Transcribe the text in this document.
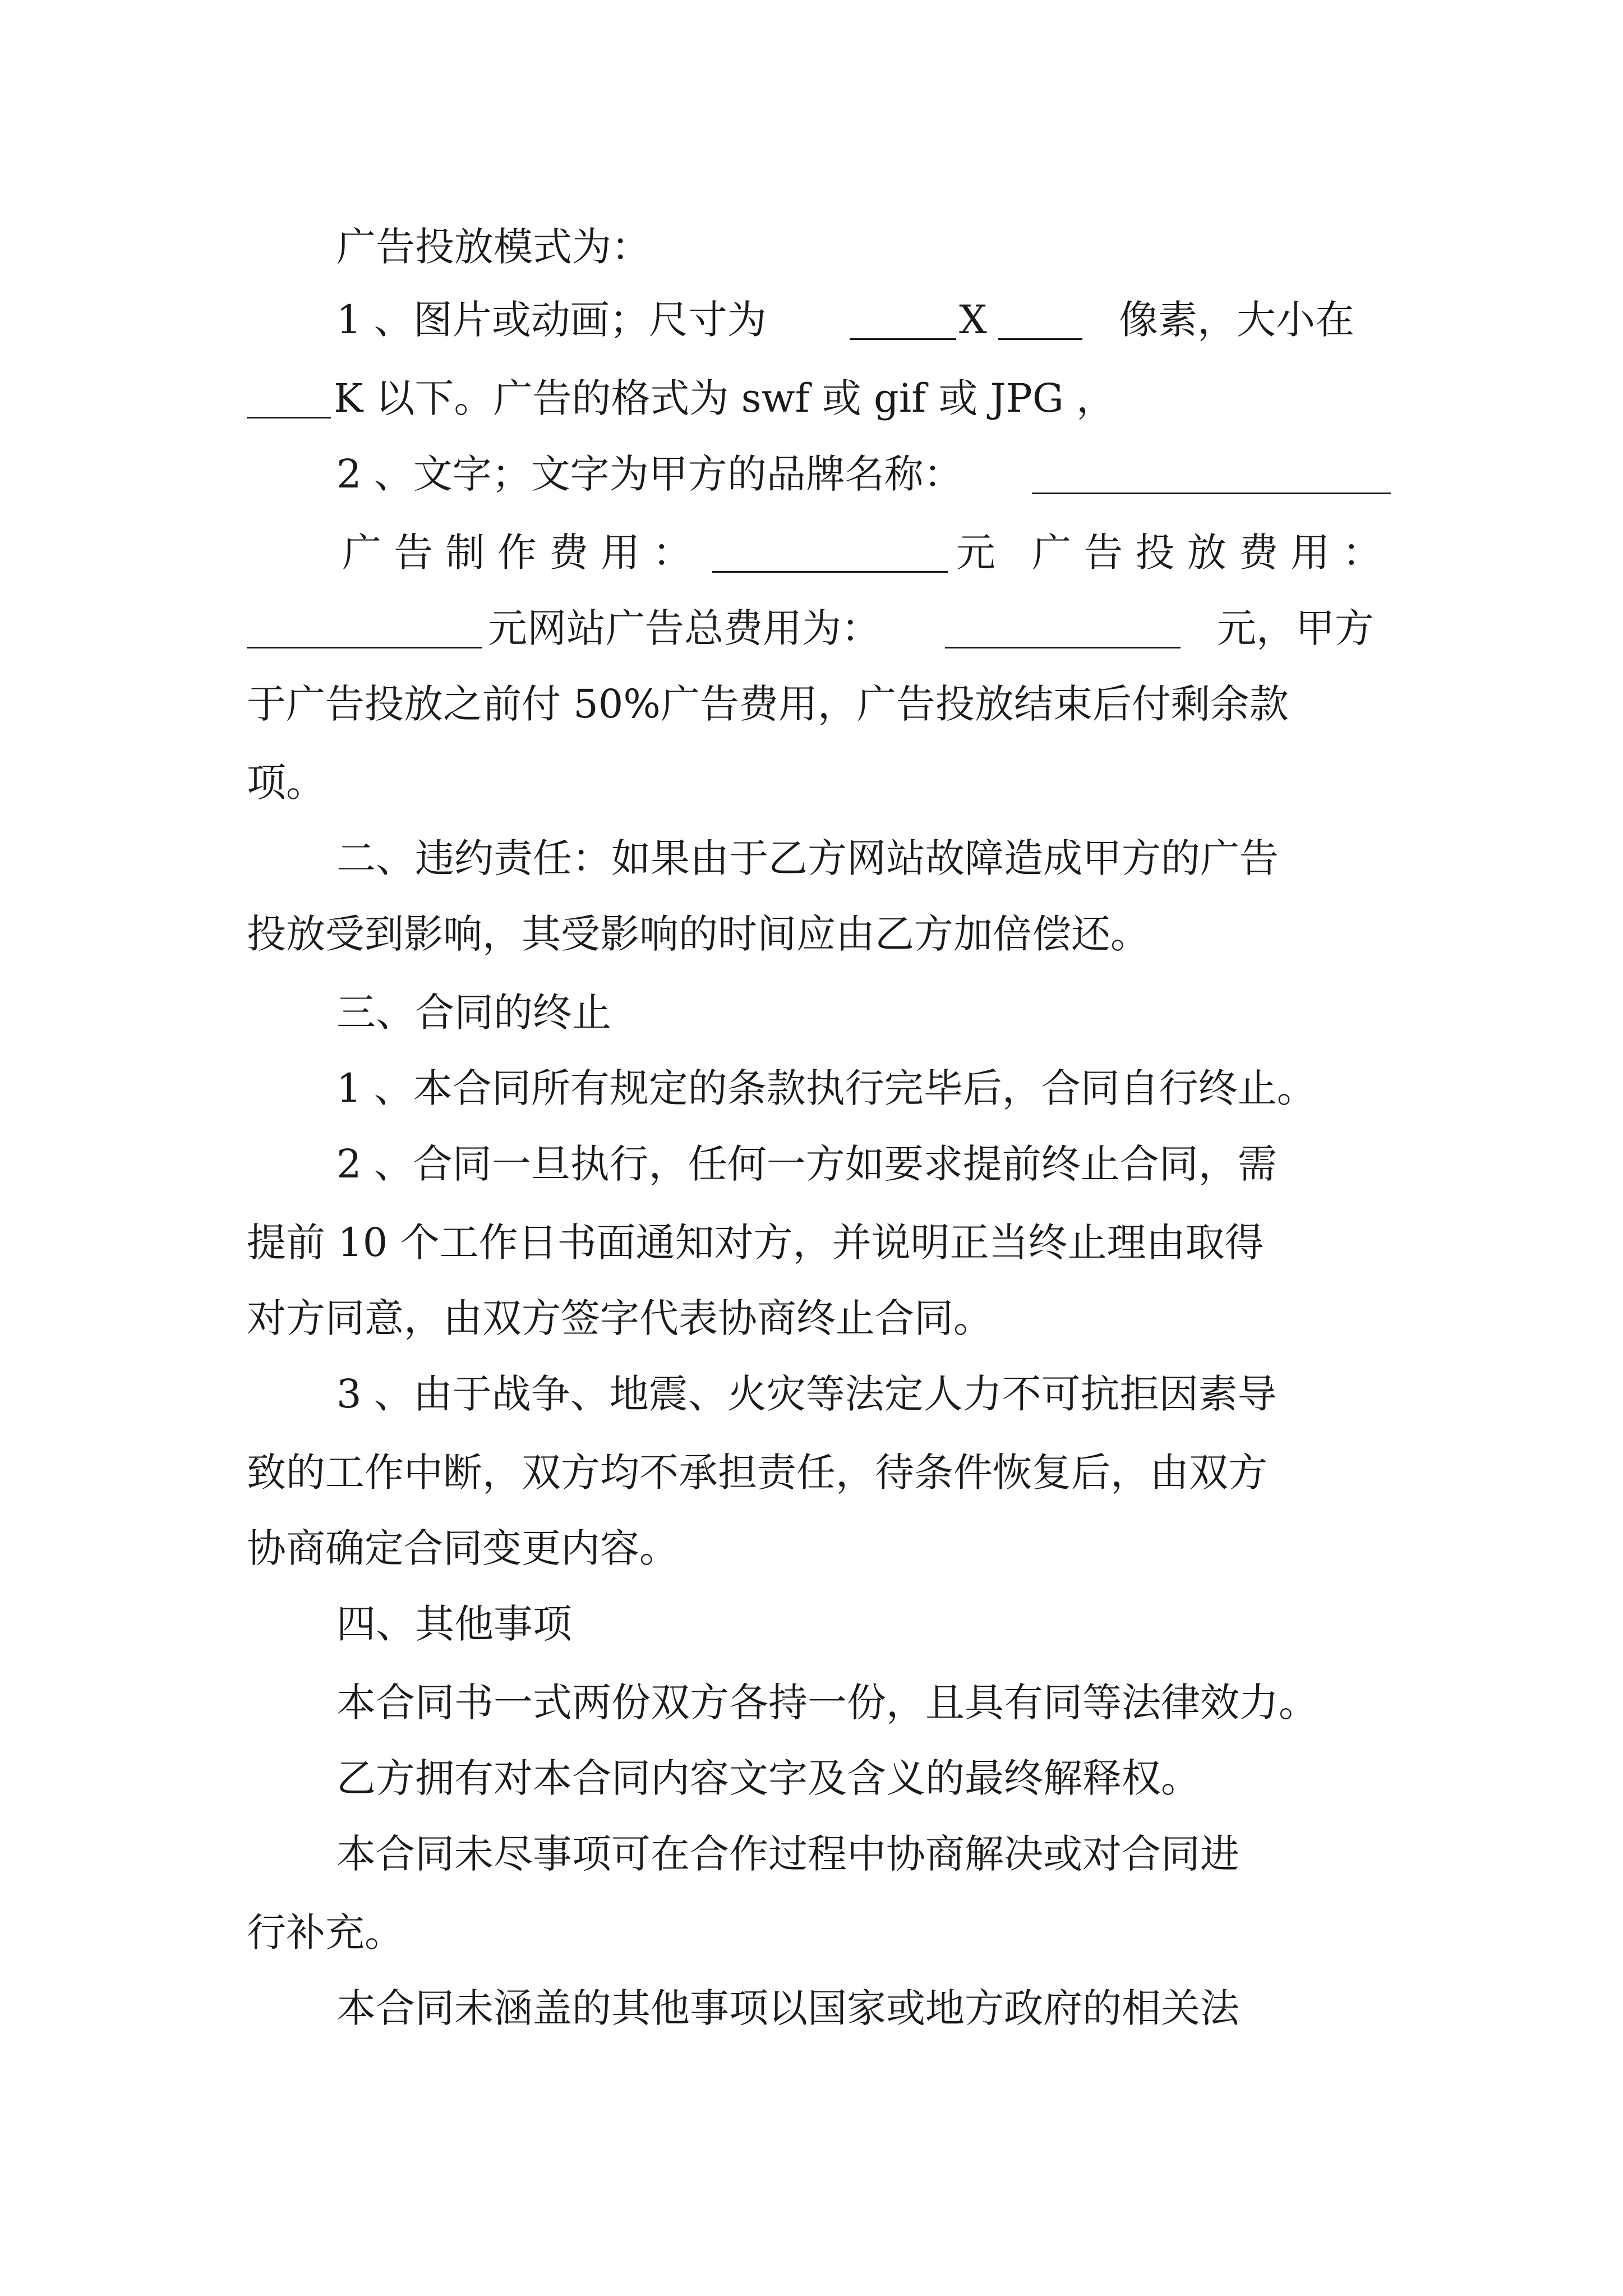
广告投放模式为：
1 、图片或动画；尺寸为	X	像素，大小在
K 以下。广告的格式为 swf 或 gif 或 JPG ，
2 、文字；文字为甲方的品牌名称：
广 告 制 作 费 用 ：	元 广 告 投 放 费 用 ：
元网站广告总费用为：	元，甲方
于广告投放之前付 50%广告费用，广告投放结束后付剩余款
项。
二、违约责任：如果由于乙方网站故障造成甲方的广告
投放受到影响，其受影响的时间应由乙方加倍偿还。
三、合同的终止
1 、本合同所有规定的条款执行完毕后，合同自行终止。
2 、合同一旦执行，任何一方如要求提前终止合同，需
提前 10 个工作日书面通知对方，并说明正当终止理由取得
对方同意，由双方签字代表协商终止合同。
3 、由于战争、地震、火灾等法定人力不可抗拒因素导
致的工作中断，双方均不承担责任，待条件恢复后，由双方
协商确定合同变更内容。
四、其他事项
本合同书一式两份双方各持一份，且具有同等法律效力。
乙方拥有对本合同内容文字及含义的最终解释权。
本合同未尽事项可在合作过程中协商解决或对合同进
行补充。
本合同未涵盖的其他事项以国家或地方政府的相关法
